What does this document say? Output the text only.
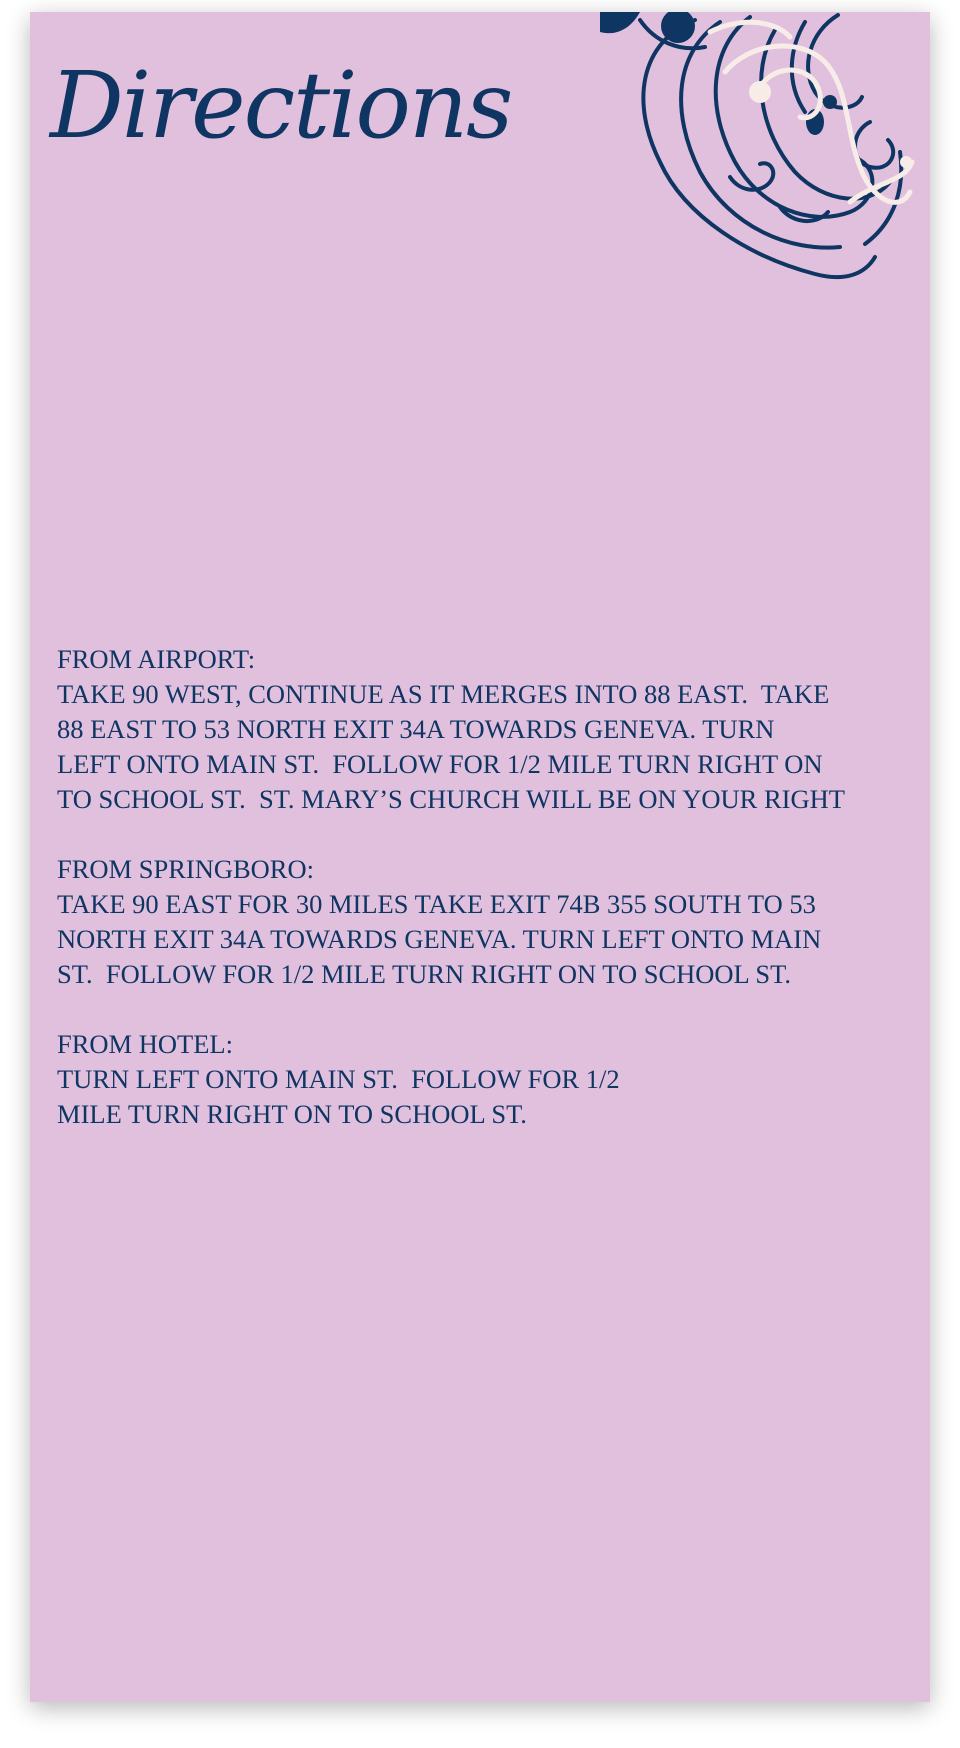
Directions
FROM AIRPORT:
TAKE 90 WEST, CONTINUE AS IT MERGES INTO 88 EAST.  TAKE
88 EAST TO 53 NORTH EXIT 34A TOWARDS GENEVA. TURN
LEFT ONTO MAIN ST.  FOLLOW FOR 1/2 MILE TURN RIGHT ON
TO SCHOOL ST.  ST. MARY’S CHURCH WILL BE ON YOUR RIGHT
FROM SPRINGBORO:
TAKE 90 EAST FOR 30 MILES TAKE EXIT 74B 355 SOUTH TO 53
NORTH EXIT 34A TOWARDS GENEVA. TURN LEFT ONTO MAIN
ST.  FOLLOW FOR 1/2 MILE TURN RIGHT ON TO SCHOOL ST.
FROM HOTEL:
TURN LEFT ONTO MAIN ST.  FOLLOW FOR 1/2
MILE TURN RIGHT ON TO SCHOOL ST.
